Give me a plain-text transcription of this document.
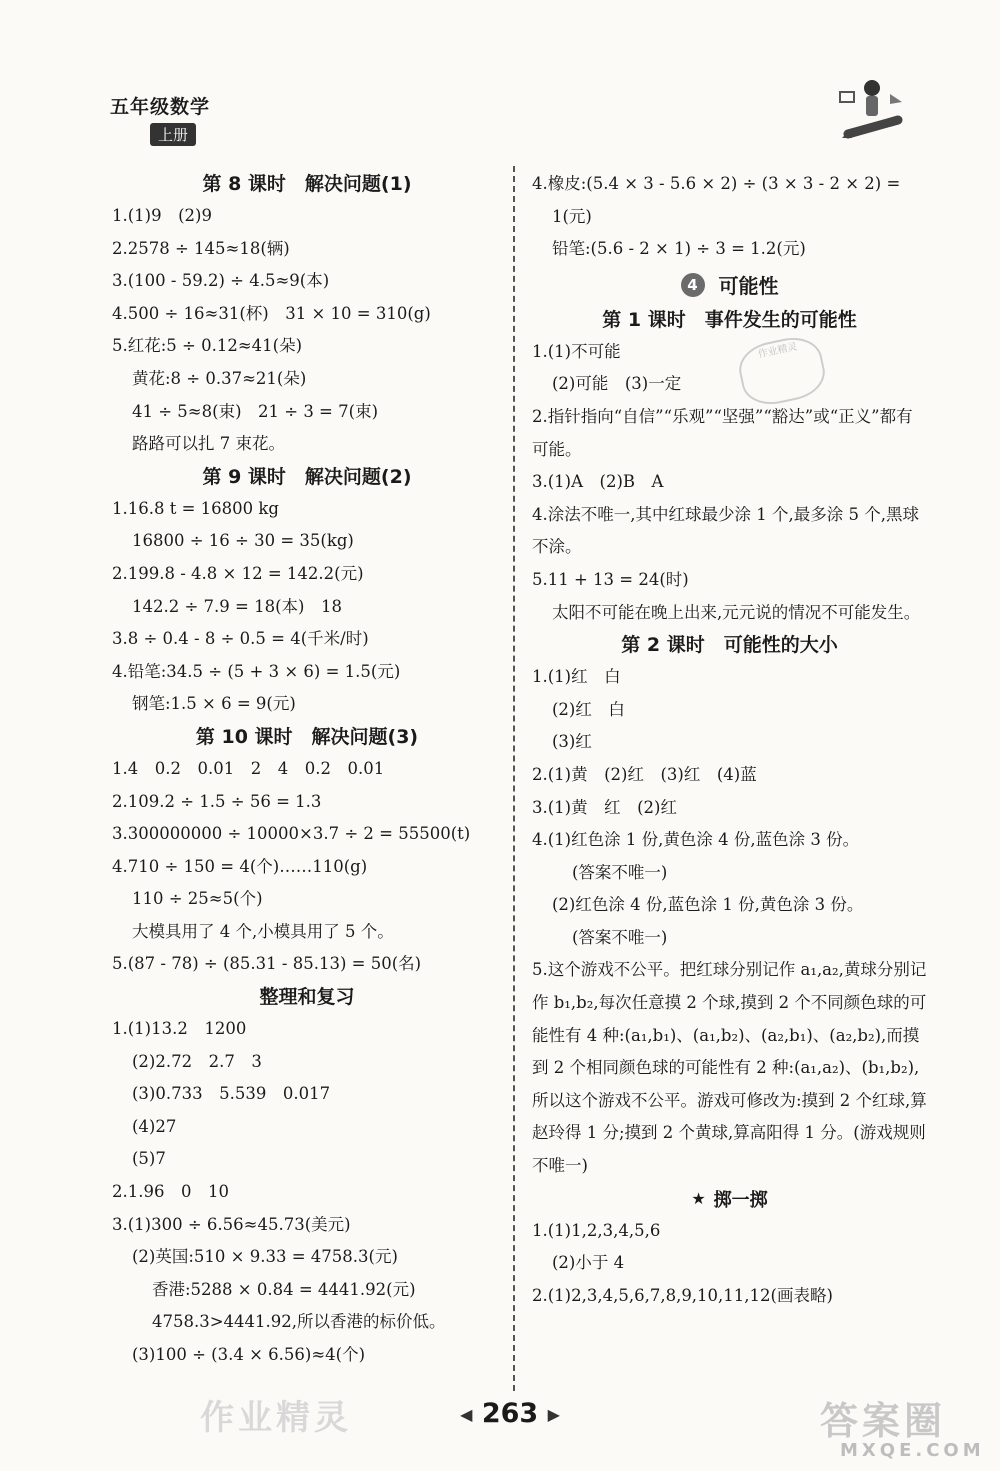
五年级数学
上册
第 8 课时　解决问题(1)
1.(1)9　(2)9
2.2578 ÷ 145≈18(辆)
3.(100 - 59.2) ÷ 4.5≈9(本)
4.500 ÷ 16≈31(杯)　31 × 10 = 310(g)
5.红花:5 ÷ 0.12≈41(朵)
黄花:8 ÷ 0.37≈21(朵)
41 ÷ 5≈8(束)　21 ÷ 3 = 7(束)
路路可以扎 7 束花。
第 9 课时　解决问题(2)
1.16.8 t = 16800 kg
16800 ÷ 16 ÷ 30 = 35(kg)
2.199.8 - 4.8 × 12 = 142.2(元)
142.2 ÷ 7.9 = 18(本)　18
3.8 ÷ 0.4 - 8 ÷ 0.5 = 4(千米/时)
4.铅笔:34.5 ÷ (5 + 3 × 6) = 1.5(元)
钢笔:1.5 × 6 = 9(元)
第 10 课时　解决问题(3)
1.4　0.2　0.01　2　4　0.2　0.01
2.109.2 ÷ 1.5 ÷ 56 = 1.3
3.300000000 ÷ 10000×3.7 ÷ 2 = 55500(t)
4.710 ÷ 150 = 4(个)……110(g)
110 ÷ 25≈5(个)
大模具用了 4 个,小模具用了 5 个。
5.(87 - 78) ÷ (85.31 - 85.13) = 50(名)
整理和复习
1.(1)13.2　1200
(2)2.72　2.7　3
(3)0.733　5.539　0.017
(4)27
(5)7
2.1.96　0　10
3.(1)300 ÷ 6.56≈45.73(美元)
(2)英国:510 × 9.33 = 4758.3(元)
香港:5288 × 0.84 = 4441.92(元)
4758.3>4441.92,所以香港的标价低。
(3)100 ÷ (3.4 × 6.56)≈4(个)
4.橡皮:(5.4 × 3 - 5.6 × 2) ÷ (3 × 3 - 2 × 2) =
1(元)
铅笔:(5.6 - 2 × 1) ÷ 3 = 1.2(元)
4	可能性
第 1 课时　事件发生的可能性
1.(1)不可能
(2)可能　(3)一定
2.指针指向“自信”“乐观”“坚强”“豁达”或“正义”都有可能。
3.(1)A　(2)B　A
4.涂法不唯一,其中红球最少涂 1 个,最多涂 5 个,黑球不涂。
5.11 + 13 = 24(时)
太阳不可能在晚上出来,元元说的情况不可能发生。
第 2 课时　可能性的大小
1.(1)红　白
(2)红　白
(3)红
2.(1)黄　(2)红　(3)红　(4)蓝
3.(1)黄　红　(2)红
4.(1)红色涂 1 份,黄色涂 4 份,蓝色涂 3 份。
(答案不唯一)
(2)红色涂 4 份,蓝色涂 1 份,黄色涂 3 份。
(答案不唯一)
5.这个游戏不公平。把红球分别记作 a₁,a₂,黄球分别记作 b₁,b₂,每次任意摸 2 个球,摸到 2 个不同颜色球的可能性有 4 种:(a₁,b₁)、(a₁,b₂)、(a₂,b₁)、(a₂,b₂),而摸到 2 个相同颜色球的可能性有 2 种:(a₁,a₂)、(b₁,b₂),所以这个游戏不公平。游戏可修改为:摸到 2 个红球,算赵玲得 1 分;摸到 2 个黄球,算高阳得 1 分。(游戏规则不唯一)
★ 掷一掷
1.(1)1,2,3,4,5,6
(2)小于 4
2.(1)2,3,4,5,6,7,8,9,10,11,12(画表略)
作业精灵
◀ 263 ▶
作业精灵	答案圈
MXQE.COM
